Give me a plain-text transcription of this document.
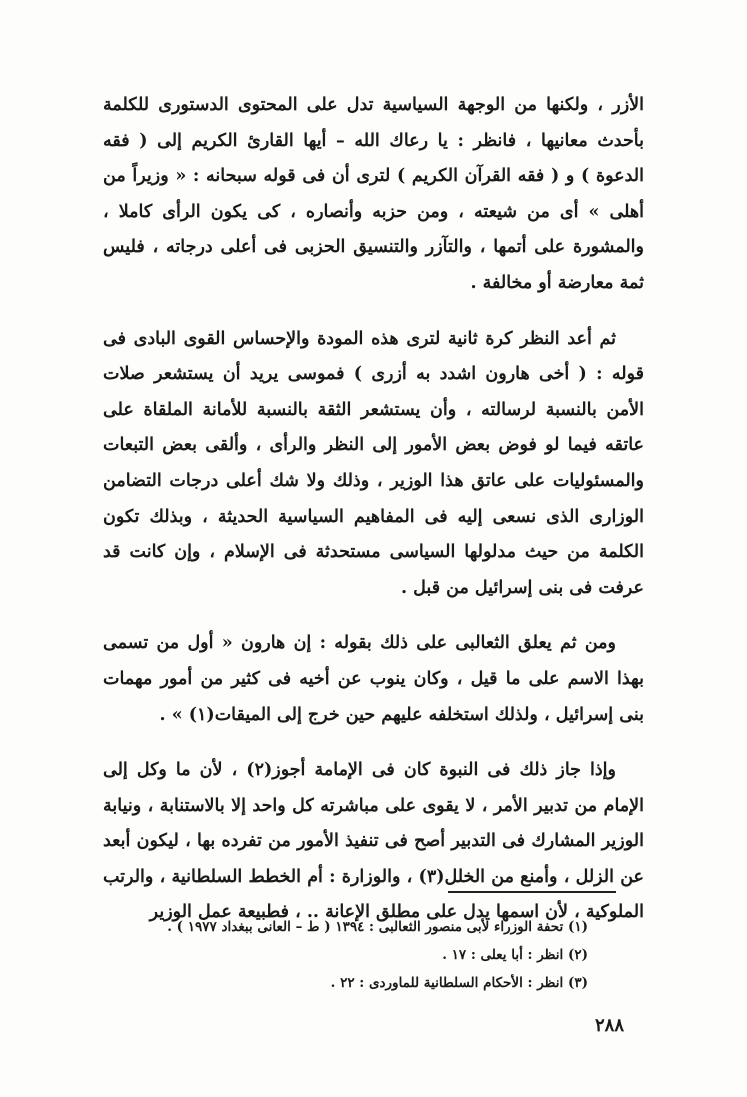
الأزر ، ولكنها من الوجهة السياسية تدل على المحتوى الدستورى للكلمة بأحدث معانيها ، فانظر : يا رعاك الله – أيها القارئ الكريم إلى ( فقه الدعوة ) و ( فقه القرآن الكريم ) لترى أن فى قوله سبحانه : « وزيراً من أهلى » أى من شيعته ، ومن حزبه وأنصاره ، كى يكون الرأى كاملا ، والمشورة على أتمها ، والتآزر والتنسيق الحزبى فى أعلى درجاته ، فليس ثمة معارضة أو مخالفة .

ثم أعد النظر كرة ثانية لترى هذه المودة والإحساس القوى البادى فى قوله : ( أخى هارون اشدد به أزرى ) فموسى يريد أن يستشعر صلات الأمن بالنسبة لرسالته ، وأن يستشعر الثقة بالنسبة للأمانة الملقاة على عاتقه فيما لو فوض بعض الأمور إلى النظر والرأى ، وألقى بعض التبعات والمسئوليات على عاتق هذا الوزير ، وذلك ولا شك أعلى درجات التضامن الوزارى الذى نسعى إليه فى المفاهيم السياسية الحديثة ، وبذلك تكون الكلمة من حيث مدلولها السياسى مستحدثة فى الإسلام ، وإن كانت قد عرفت فى بنى إسرائيل من قبل .

ومن ثم يعلق الثعالبى على ذلك بقوله : إن هارون « أول من تسمى بهذا الاسم على ما قيل ، وكان ينوب عن أخيه فى كثير من أمور مهمات بنى إسرائيل ، ولذلك استخلفه عليهم حين خرج إلى الميقات(١) » .

وإذا جاز ذلك فى النبوة كان فى الإمامة أجوز(٢) ، لأن ما وكل إلى الإمام من تدبير الأمر ، لا يقوى على مباشرته كل واحد إلا بالاستنابة ، ونيابة الوزير المشارك فى التدبير أصح فى تنفيذ الأمور من تفرده بها ، ليكون أبعد عن الزلل ، وأمنع من الخلل(٣) ، والوزارة : أم الخطط السلطانية ، والرتب الملوكية ، لأن اسمها يدل على مطلق الإعانة .. ، فطبيعة عمل الوزير

(١) تحفة الوزراء لأبى منصور الثعالبى : ١٣٩٤ ( ط – العانى ببغداد ١٩٧٧ ) .
(٢) انظر : أبا يعلى : ١٧ .
(٣) انظر : الأحكام السلطانية للماوردى : ٢٢ .
٢٨٨
